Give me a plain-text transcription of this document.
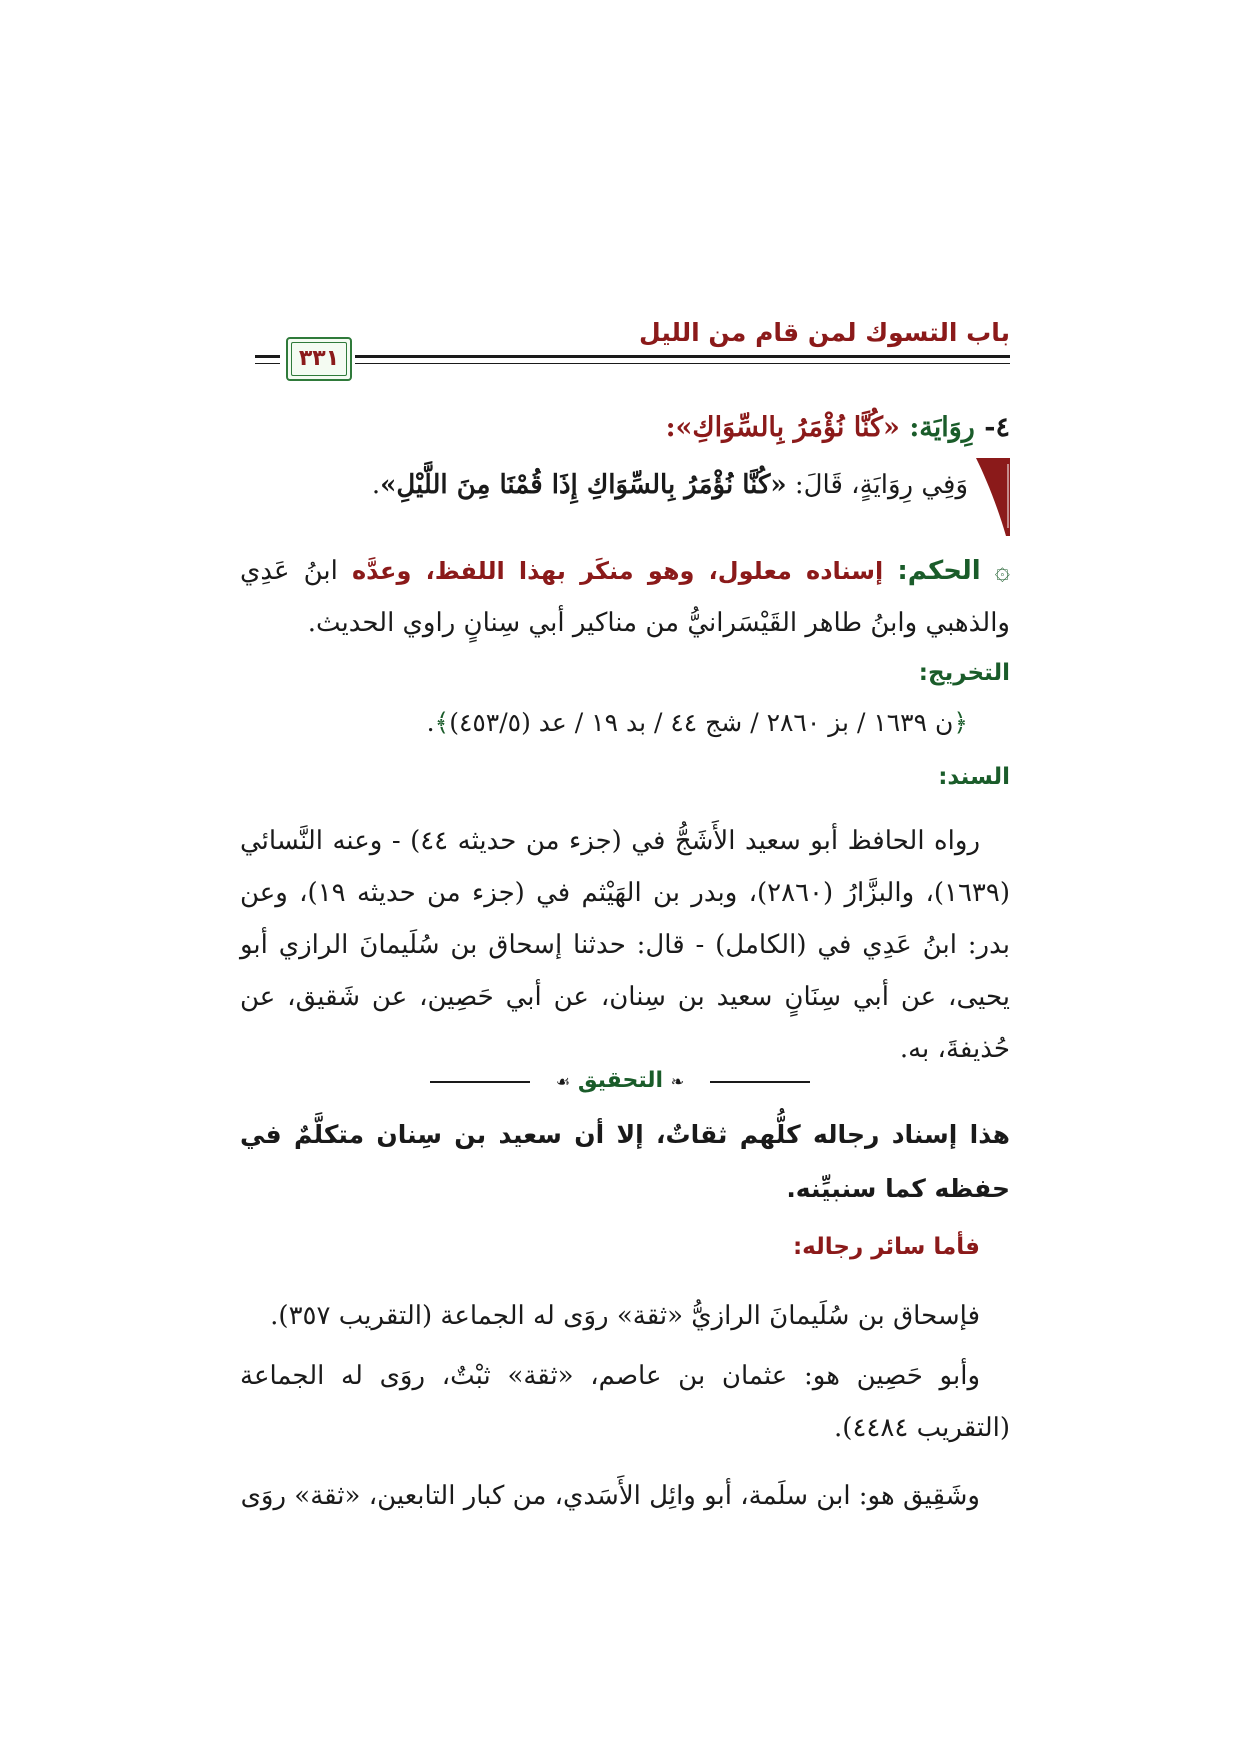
باب التسوك لمن قام من الليل
٣٣١
٤- رِوَايَة: «كُنَّا نُؤْمَرُ بِالسِّوَاكِ»:
وَفِي رِوَايَةٍ، قَالَ: «كُنَّا نُؤْمَرُ بِالسِّوَاكِ إِذَا قُمْنَا مِنَ اللَّيْلِ».
۞ الحكم: إسناده معلول، وهو منكَر بهذا اللفظ، وعدَّه ابنُ عَدِي والذهبي وابنُ طاهر القَيْسَرانيُّ من مناكير أبي سِنانٍ راوي الحديث.
التخريج:
﴿ن ١٦٣٩ / بز ٢٨٦٠ / شج ٤٤ / بد ١٩ / عد (٤٥٣/٥)﴾.
السند:
رواه الحافظ أبو سعيد الأَشَجُّ في (جزء من حديثه ٤٤) - وعنه النَّسائي (١٦٣٩)، والبزَّارُ (٢٨٦٠)، وبدر بن الهَيْثم في (جزء من حديثه ١٩)، وعن بدر: ابنُ عَدِي في (الكامل) - قال: حدثنا إسحاق بن سُلَيمانَ الرازي أبو يحيى، عن أبي سِنَانٍ سعيد بن سِنان، عن أبي حَصِين، عن شَقيق، عن حُذيفةَ، به.
❧ التحقيق ☙
هذا إسناد رجاله كلُّهم ثقاتٌ، إلا أن سعيد بن سِنان متكلَّمٌ في حفظه كما سنبيِّنه.
فأما سائر رجاله:
فإسحاق بن سُلَيمانَ الرازيُّ «ثقة» روَى له الجماعة (التقريب ٣٥٧).
وأبو حَصِين هو: عثمان بن عاصم، «ثقة» ثبْتٌ، روَى له الجماعة (التقريب ٤٤٨٤).
وشَقِيق هو: ابن سلَمة، أبو وائِل الأَسَدي، من كبار التابعين، «ثقة» روَى
